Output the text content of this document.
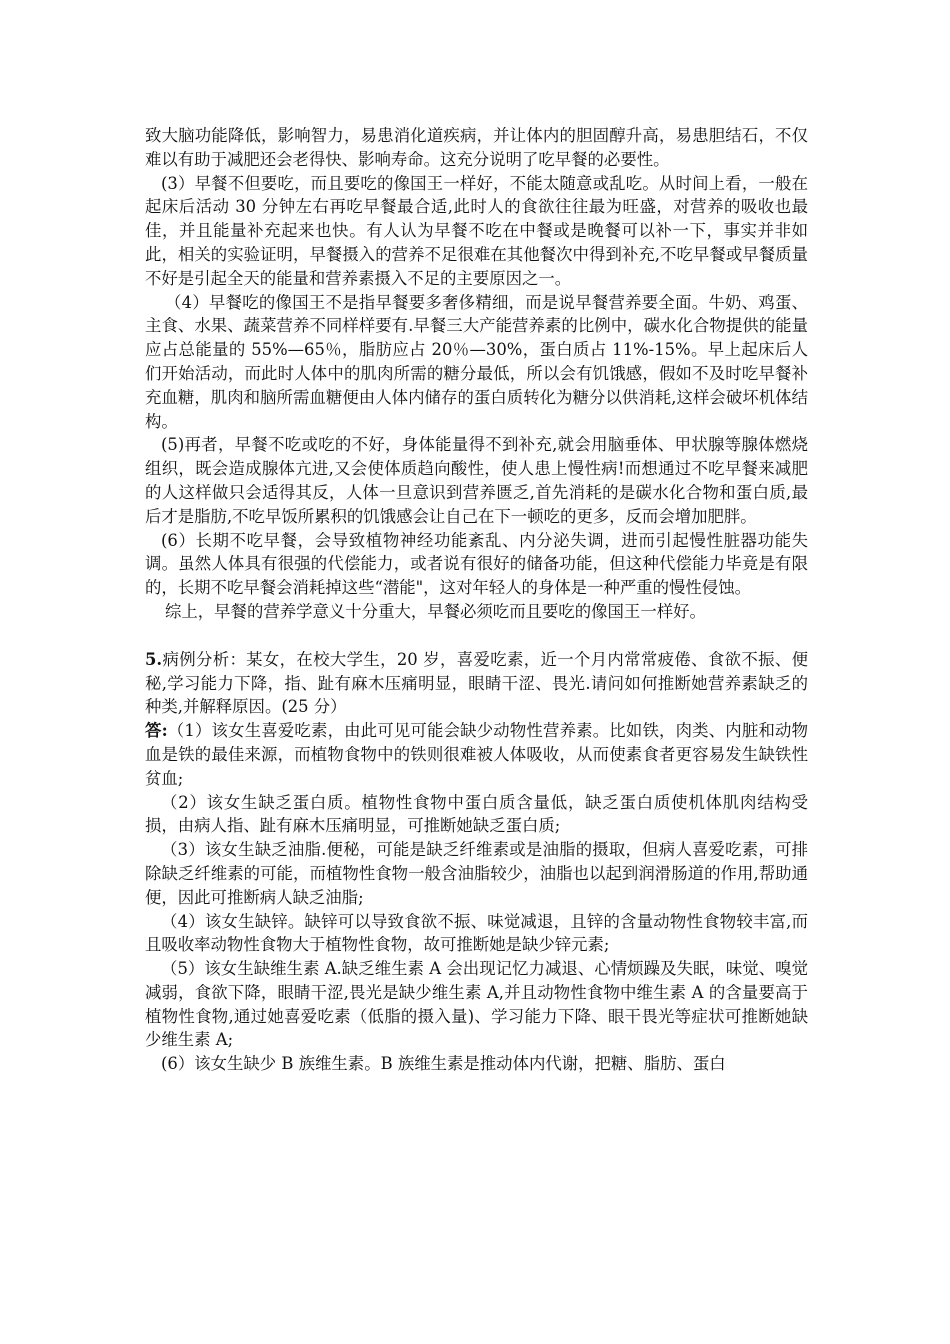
致大脑功能降低，影响智力，易患消化道疾病，并让体内的胆固醇升高，易患胆结石，不仅难以有助于减肥还会老得快、影响寿命。这充分说明了吃早餐的必要性。

(3）早餐不但要吃，而且要吃的像国王一样好，不能太随意或乱吃。从时间上看，一般在起床后活动 30 分钟左右再吃早餐最合适,此时人的食欲往往最为旺盛，对营养的吸收也最佳，并且能量补充起来也快。有人认为早餐不吃在中餐或是晚餐可以补一下，事实并非如此，相关的实验证明，早餐摄入的营养不足很难在其他餐次中得到补充,不吃早餐或早餐质量不好是引起全天的能量和营养素摄入不足的主要原因之一。

（4）早餐吃的像国王不是指早餐要多奢侈精细，而是说早餐营养要全面。牛奶、鸡蛋、主食、水果、蔬菜营养不同样样要有.早餐三大产能营养素的比例中，碳水化合物提供的能量应占总能量的 55%—65％，脂肪应占 20％—30%，蛋白质占 11%-15%。早上起床后人们开始活动，而此时人体中的肌肉所需的糖分最低，所以会有饥饿感，假如不及时吃早餐补充血糖，肌肉和脑所需血糖便由人体内储存的蛋白质转化为糖分以供消耗,这样会破坏机体结构。

(5)再者，早餐不吃或吃的不好，身体能量得不到补充,就会用脑垂体、甲状腺等腺体燃烧组织，既会造成腺体亢进,又会使体质趋向酸性，使人患上慢性病!而想通过不吃早餐来减肥的人这样做只会适得其反，人体一旦意识到营养匮乏,首先消耗的是碳水化合物和蛋白质,最后才是脂肪,不吃早饭所累积的饥饿感会让自己在下一顿吃的更多，反而会增加肥胖。

(6）长期不吃早餐，会导致植物神经功能紊乱、内分泌失调，进而引起慢性脏器功能失调。虽然人体具有很强的代偿能力，或者说有很好的储备功能，但这种代偿能力毕竟是有限的，长期不吃早餐会消耗掉这些“潜能"，这对年轻人的身体是一种严重的慢性侵蚀。

综上，早餐的营养学意义十分重大，早餐必须吃而且要吃的像国王一样好。

5.病例分析：某女，在校大学生，20 岁，喜爱吃素，近一个月内常常疲倦、食欲不振、便秘,学习能力下降，指、趾有麻木压痛明显，眼睛干涩、畏光.请问如何推断她营养素缺乏的种类,并解释原因。(25 分）

答:（1）该女生喜爱吃素，由此可见可能会缺少动物性营养素。比如铁，肉类、内脏和动物血是铁的最佳来源，而植物食物中的铁则很难被人体吸收，从而使素食者更容易发生缺铁性贫血;

（2）该女生缺乏蛋白质。植物性食物中蛋白质含量低，缺乏蛋白质使机体肌肉结构受损，由病人指、趾有麻木压痛明显，可推断她缺乏蛋白质;

（3）该女生缺乏油脂.便秘，可能是缺乏纤维素或是油脂的摄取，但病人喜爱吃素，可排除缺乏纤维素的可能，而植物性食物一般含油脂较少，油脂也以起到润滑肠道的作用,帮助通便，因此可推断病人缺乏油脂;

（4）该女生缺锌。缺锌可以导致食欲不振、味觉减退，且锌的含量动物性食物较丰富,而且吸收率动物性食物大于植物性食物，故可推断她是缺少锌元素;

（5）该女生缺维生素 A.缺乏维生素 A 会出现记忆力减退、心情烦躁及失眠，味觉、嗅觉减弱，食欲下降，眼睛干涩,畏光是缺少维生素 A,并且动物性食物中维生素 A 的含量要高于植物性食物,通过她喜爱吃素（低脂的摄入量)、学习能力下降、眼干畏光等症状可推断她缺少维生素 A;

(6）该女生缺少 B 族维生素。B 族维生素是推动体内代谢，把糖、脂肪、蛋白
